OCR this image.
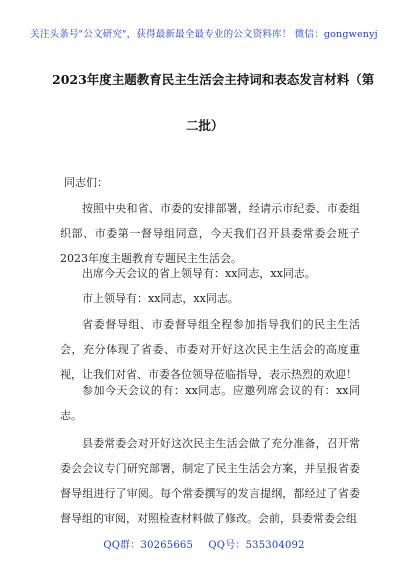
关注头条号"公文研究"，获得最新最全最专业的公文资料库！ 微信：gongwenyj
2023年度主题教育民主生活会主持词和表态发言材料（第
二批）
同志们：
按照中央和省、市委的安排部署，经请示市纪委、市委组织部、市委第一督导组同意，今天我们召开县委常委会班子2023年度主题教育专题民主生活会。
出席今天会议的省上领导有：xx同志，xx同志。
市上领导有：xx同志，xx同志。
省委督导组、市委督导组全程参加指导我们的民主生活会，充分体现了省委、市委对开好这次民主生活会的高度重视，让我们对省、市委各位领导莅临指导，表示热烈的欢迎！
参加今天会议的有：xx同志。应邀列席会议的有：xx同志。
县委常委会对开好这次民主生活会做了充分准备，召开常委会会议专门研究部署，制定了民主生活会方案，并呈报省委督导组进行了审阅。每个常委撰写的发言提纲，都经过了省委督导组的审阅，对照检查材料做了修改。会前，县委常委会组
QQ群：30265665 QQ号：535304092
